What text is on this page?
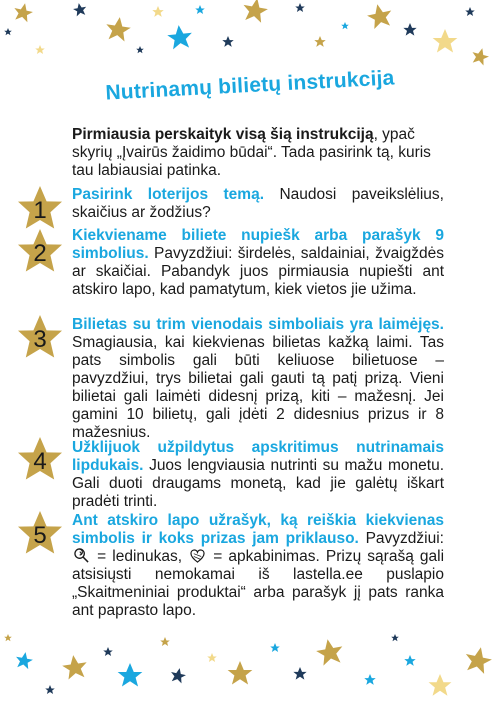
Nutrinamų bilietų instrukcija
Pirmiausia perskaityk visą šią instrukciją, ypač skyrių „Įvairūs žaidimo būdai“. Tada pasirink tą, kuris tau labiausiai patinka.
1
Pasirink loterijos temą. Naudosi paveikslėlius, skaičius ar žodžius?
2
Kiekviename biliete nupiešk arba parašyk 9 simbolius. Pavyzdžiui: širdelės, saldainiai, žvaigždės ar skaičiai. Pabandyk juos pirmiausia nupiešti ant atskiro lapo, kad pamatytum, kiek vietos jie užima.
3
Bilietas su trim vienodais simboliais yra laimėjęs. Smagiausia, kai kiekvienas bilietas kažką laimi. Tas pats simbolis gali būti keliuose bilietuose – pavyzdžiui, trys bilietai gali gauti tą patį prizą. Vieni bilietai gali laimėti didesnį prizą, kiti – mažesnį. Jei gamini 10 bilietų, gali įdėti 2 didesnius prizus ir 8 mažesnius.
4	Užklijuok užpildytus apskritimus nutrinamais lipdukais. Juos lengviausia nutrinti su mažu monetu. Gali duoti draugams monetą, kad jie galėtų iškart pradėti trinti.
5
Ant atskiro lapo užrašyk, ką reiškia kiekvienas simbolis ir koks prizas jam priklauso. Pavyzdžiui:  = ledinukas, = apkabinimas. Prizų sąrašą gali atsisiųsti nemokamai iš lastella.ee puslapio „Skaitmeniniai produktai“ arba parašyk jį pats ranka ant paprasto lapo.
